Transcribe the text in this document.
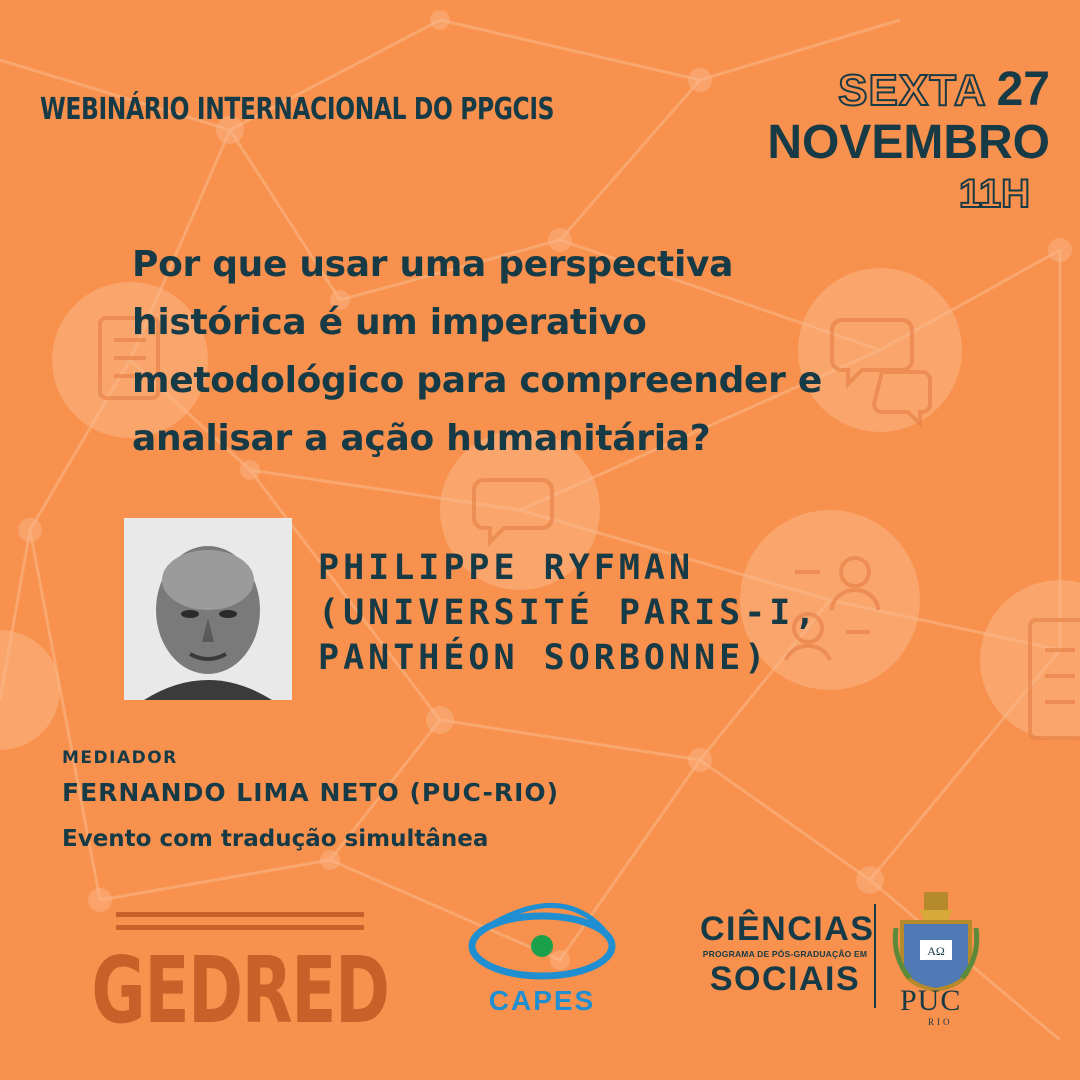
WEBINÁRIO INTERNACIONAL DO PPGCIS	SEXTA 27
NOVEMBRO
11H
Por que usar uma perspectiva
histórica é um imperativo
metodológico para compreender e
analisar a ação humanitária?
PHILIPPE RYFMAN
(UNIVERSITÉ PARIS-I,
PANTHÉON SORBONNE)
MEDIADOR
FERNANDO LIMA NETO (PUC-RIO)
Evento com tradução simultânea
GEDRED	CAPES
CIÊNCIAS
PROGRAMA DE PÓS-GRADUAÇÃO EM
SOCIAIS
AΩ
PUC
RIO
